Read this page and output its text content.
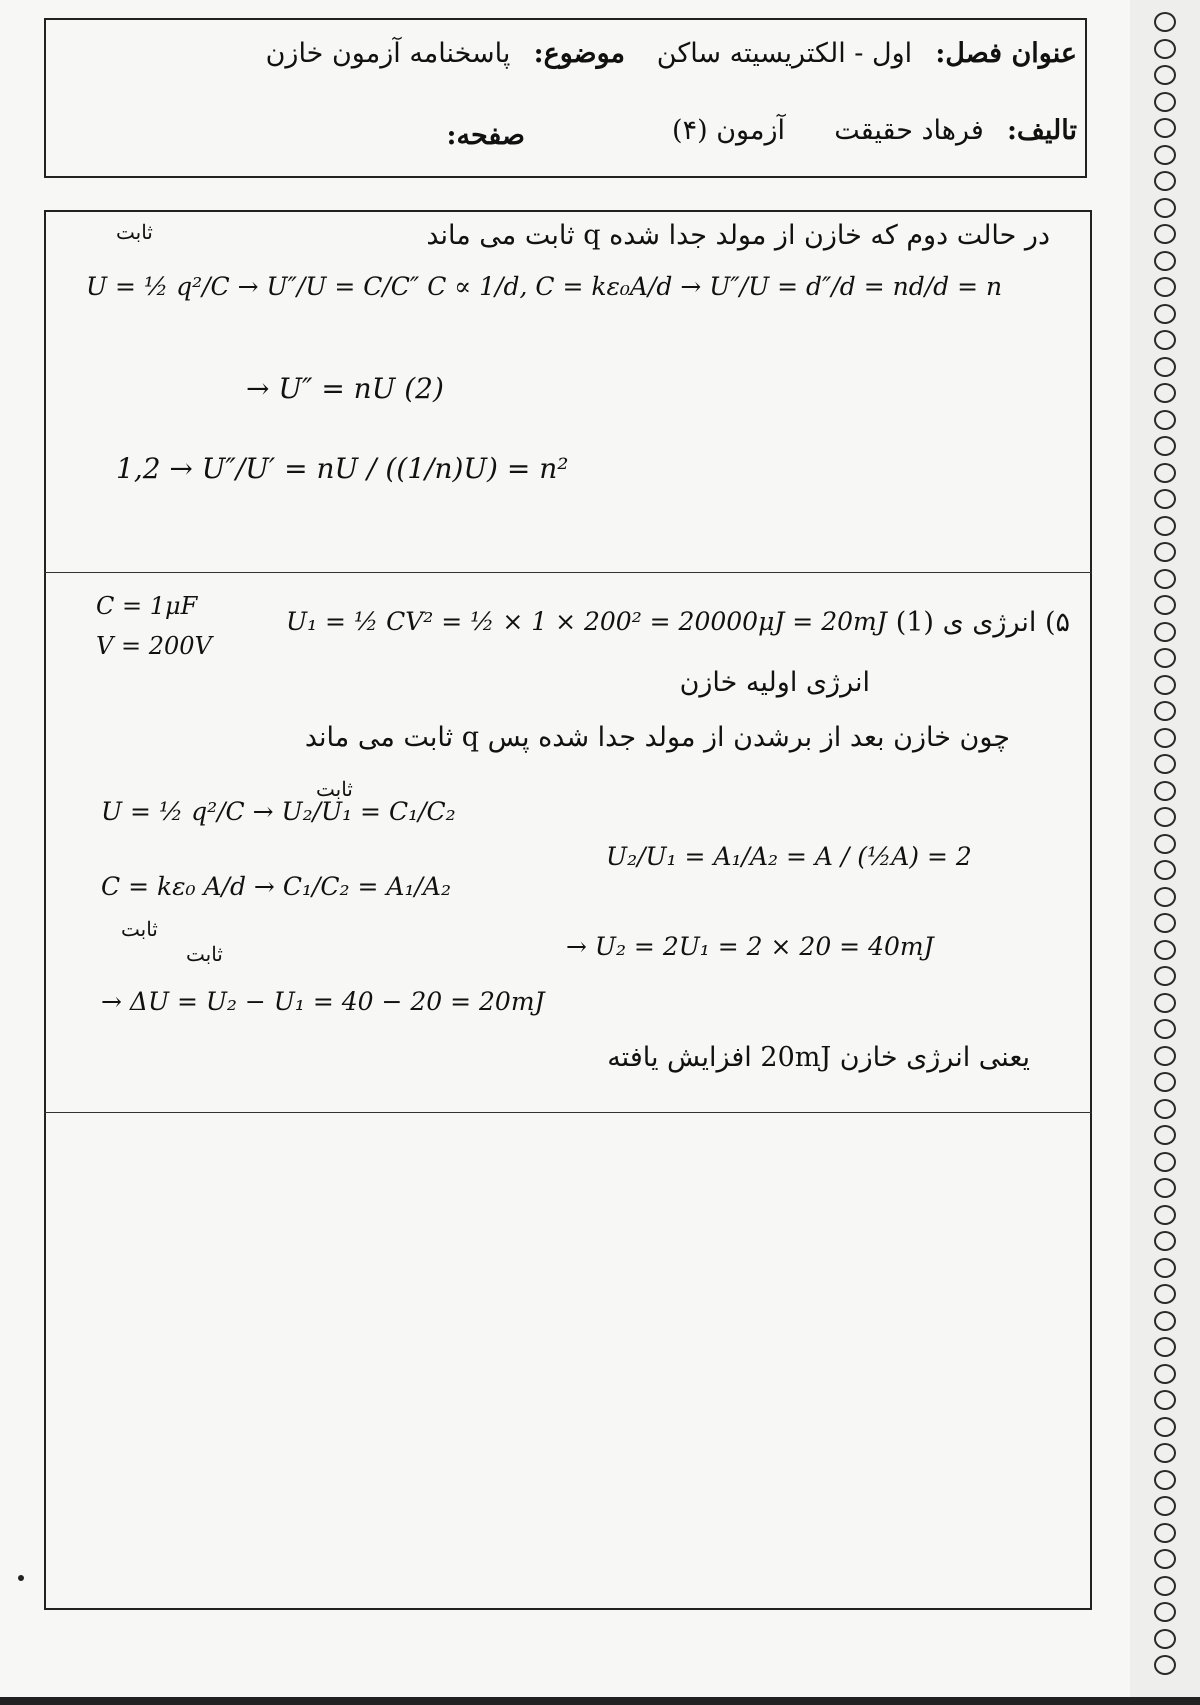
عنوان فصل:  اول - الکتریسیته ساکن
موضوع:  پاسخنامه آزمون خازن
تالیف:  فرهاد حقیقت
آزمون (۴)
صفحه:
در حالت دوم که خازن از مولد جدا شده q ثابت می ماند
ثابت
U = ½ q²/C → U″/U = C/C″ C ∝ 1/d, C = kε₀A/d → U″/U = d″/d = nd/d = n
→ U″ = nU (2)
1,2 → U″/U′ = nU / ((1/n)U) = n²
C = 1μF
V = 200V
۵) انرژی ی (1)
U₁ = ½ CV² = ½ × 1 × 200² = 20000μJ = 20mJ
انرژی اولیه خازن
چون خازن بعد از برشدن از مولد جدا شده پس q ثابت می ماند
ثابت
U = ½ q²/C → U₂/U₁ = C₁/C₂
U₂/U₁ = A₁/A₂ = A / (½A) = 2
C = kε₀ A/d → C₁/C₂ = A₁/A₂
ثابت
ثابت	→ U₂ = 2U₁ = 2 × 20 = 40mJ
→ ΔU = U₂ − U₁ = 40 − 20 = 20mJ
یعنی انرژی خازن 20mJ افزایش یافته
